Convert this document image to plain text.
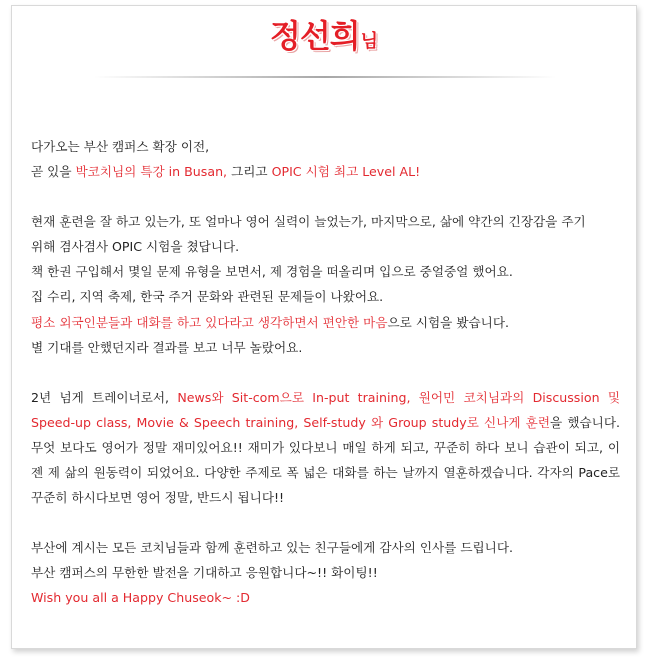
정선희님

다가오는 부산 캠퍼스 확장 이전,

곧 있을 박코치님의 특강 in Busan, 그리고 OPIC 시험 최고 Level AL!

현재 훈련을 잘 하고 있는가, 또 얼마나 영어 실력이 늘었는가, 마지막으로, 삶에 약간의 긴장감을 주기

위해 겸사겸사 OPIC 시험을 쳤답니다.

책 한권 구입해서 몇일 문제 유형을 보면서, 제 경험을 떠올리며 입으로 중얼중얼 했어요.

집 수리, 지역 축제, 한국 주거 문화와 관련된 문제들이 나왔어요.

평소 외국인분들과 대화를 하고 있다라고 생각하면서 편안한 마음으로 시험을 봤습니다.

별 기대를 안했던지라 결과를 보고 너무 놀랐어요.

2년 넘게 트레이너로서, News와 Sit-com으로 In-put training, 원어민 코치님과의 Discussion 및 Speed-up class, Movie & Speech training, Self-study 와 Group study로 신나게 훈련을 했습니다. 무엇 보다도 영어가 정말 재미있어요!! 재미가 있다보니 매일 하게 되고, 꾸준히 하다 보니 습관이 되고, 이젠 제 삶의 원동력이 되었어요. 다양한 주제로 폭 넓은 대화를 하는 날까지 열훈하겠습니다. 각자의 Pace로 꾸준히 하시다보면 영어 정말, 반드시 됩니다!!

부산에 계시는 모든 코치님들과 함께 훈련하고 있는 친구들에게 감사의 인사를 드립니다.

부산 캠퍼스의 무한한 발전을 기대하고 응원합니다~!! 화이팅!!

Wish you all a Happy Chuseok~ :D
